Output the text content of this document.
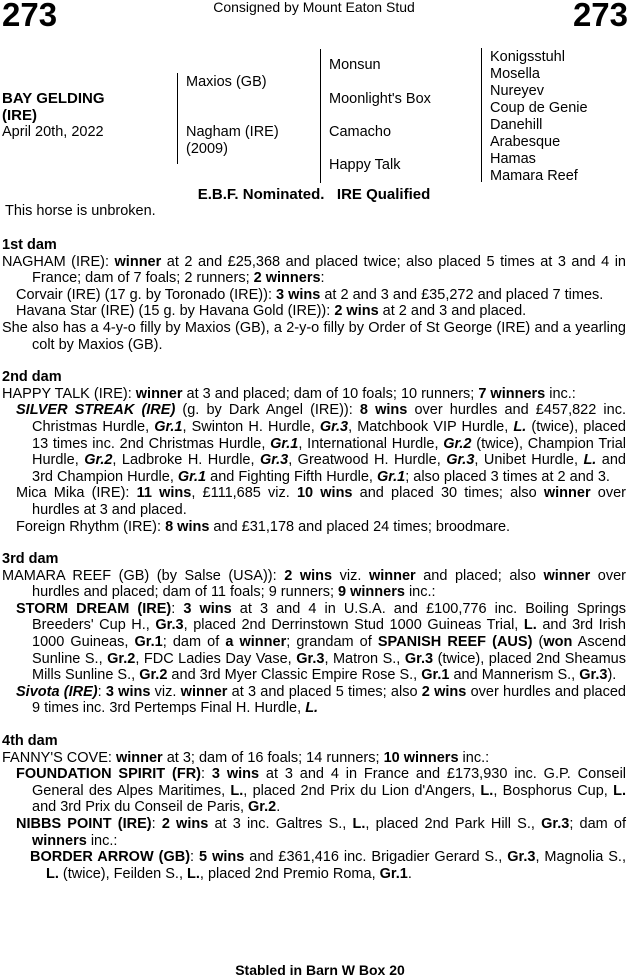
273	273
Consigned by Mount Eaton Stud
BAY GELDING
(IRE)
April 20th, 2022
Maxios (GB)
Nagham (IRE)
(2009)
Monsun
Moonlight's Box
Camacho
Happy Talk
Konigsstuhl
Mosella
Nureyev
Coup de Genie
Danehill
Arabesque
Hamas
Mamara Reef
E.B.F. Nominated.   IRE Qualified
This horse is unbroken.
1st dam
NAGHAM (IRE): winner at 2 and £25,368 and placed twice; also placed 5 times at 3 and 4 in France; dam of 7 foals; 2 runners; 2 winners:
Corvair (IRE) (17 g. by Toronado (IRE)): 3 wins at 2 and 3 and £35,272 and placed 7 times.
Havana Star (IRE) (15 g. by Havana Gold (IRE)): 2 wins at 2 and 3 and placed.
She also has a 4-y-o filly by Maxios (GB), a 2-y-o filly by Order of St George (IRE) and a yearling colt by Maxios (GB).
2nd dam
HAPPY TALK (IRE): winner at 3 and placed; dam of 10 foals; 10 runners; 7 winners inc.:
SILVER STREAK (IRE) (g. by Dark Angel (IRE)): 8 wins over hurdles and £457,822 inc. Christmas Hurdle, Gr.1, Swinton H. Hurdle, Gr.3, Matchbook VIP Hurdle, L. (twice), placed 13 times inc. 2nd Christmas Hurdle, Gr.1, International Hurdle, Gr.2 (twice), Champion Trial Hurdle, Gr.2, Ladbroke H. Hurdle, Gr.3, Greatwood H. Hurdle, Gr.3, Unibet Hurdle, L. and 3rd Champion Hurdle, Gr.1 and Fighting Fifth Hurdle, Gr.1; also placed 3 times at 2 and 3.
Mica Mika (IRE): 11 wins, £111,685 viz. 10 wins and placed 30 times; also winner over hurdles at 3 and placed.
Foreign Rhythm (IRE): 8 wins and £31,178 and placed 24 times; broodmare.
3rd dam
MAMARA REEF (GB) (by Salse (USA)): 2 wins viz. winner and placed; also winner over hurdles and placed; dam of 11 foals; 9 runners; 9 winners inc.:
STORM DREAM (IRE): 3 wins at 3 and 4 in U.S.A. and £100,776 inc. Boiling Springs Breeders' Cup H., Gr.3, placed 2nd Derrinstown Stud 1000 Guineas Trial, L. and 3rd Irish 1000 Guineas, Gr.1; dam of a winner; grandam of SPANISH REEF (AUS) (won Ascend Sunline S., Gr.2, FDC Ladies Day Vase, Gr.3, Matron S., Gr.3 (twice), placed 2nd Sheamus Mills Sunline S., Gr.2 and 3rd Myer Classic Empire Rose S., Gr.1 and Mannerism S., Gr.3).
Sivota (IRE): 3 wins viz. winner at 3 and placed 5 times; also 2 wins over hurdles and placed 9 times inc. 3rd Pertemps Final H. Hurdle, L.
4th dam
FANNY'S COVE: winner at 3; dam of 16 foals; 14 runners; 10 winners inc.:
FOUNDATION SPIRIT (FR): 3 wins at 3 and 4 in France and £173,930 inc. G.P. Conseil General des Alpes Maritimes, L., placed 2nd Prix du Lion d'Angers, L., Bosphorus Cup, L. and 3rd Prix du Conseil de Paris, Gr.2.
NIBBS POINT (IRE): 2 wins at 3 inc. Galtres S., L., placed 2nd Park Hill S., Gr.3; dam of winners inc.:
BORDER ARROW (GB): 5 wins and £361,416 inc. Brigadier Gerard S., Gr.3, Magnolia S., L. (twice), Feilden S., L., placed 2nd Premio Roma, Gr.1.
Stabled in Barn W Box 20
